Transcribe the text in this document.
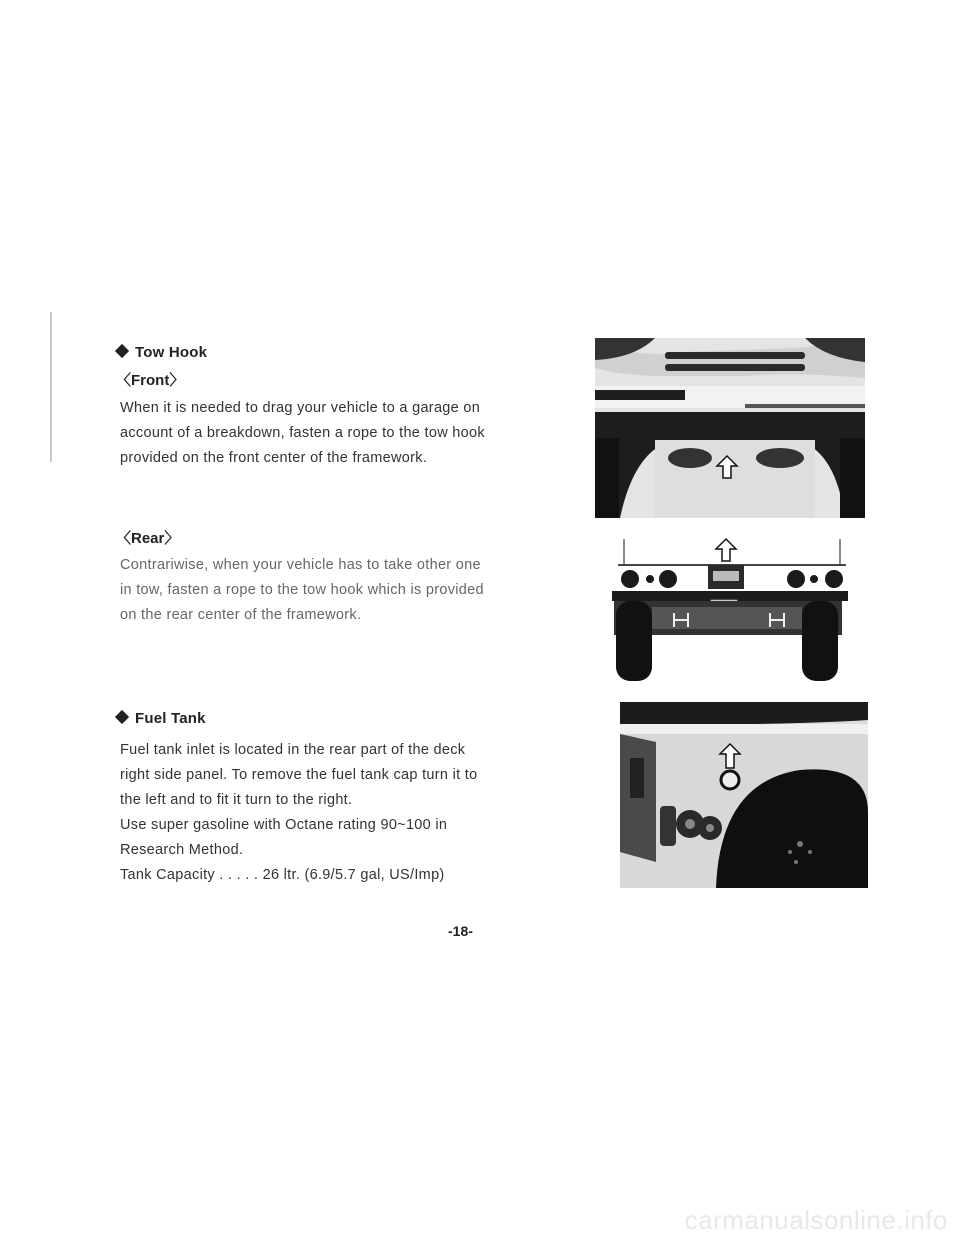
Tow Hook
〈Front〉

When it is needed to drag your vehicle to a garage on

account of a breakdown, fasten a rope to the tow hook

provided on the front center of the framework.

〈Rear〉

Contrariwise, when your vehicle has to take other one

in tow, fasten a rope to the tow hook which is provided

on the rear center of the framework.

Fuel Tank

Fuel tank inlet is located in the rear part of the deck

right side panel. To remove the fuel tank cap turn it to

the left and to fit it turn to the right.

Use super gasoline with Octane rating 90~100 in

Research Method.

Tank Capacity . . . . . 26 ltr. (6.9/5.7 gal, US/Imp)

-18-
carmanualsonline.info
